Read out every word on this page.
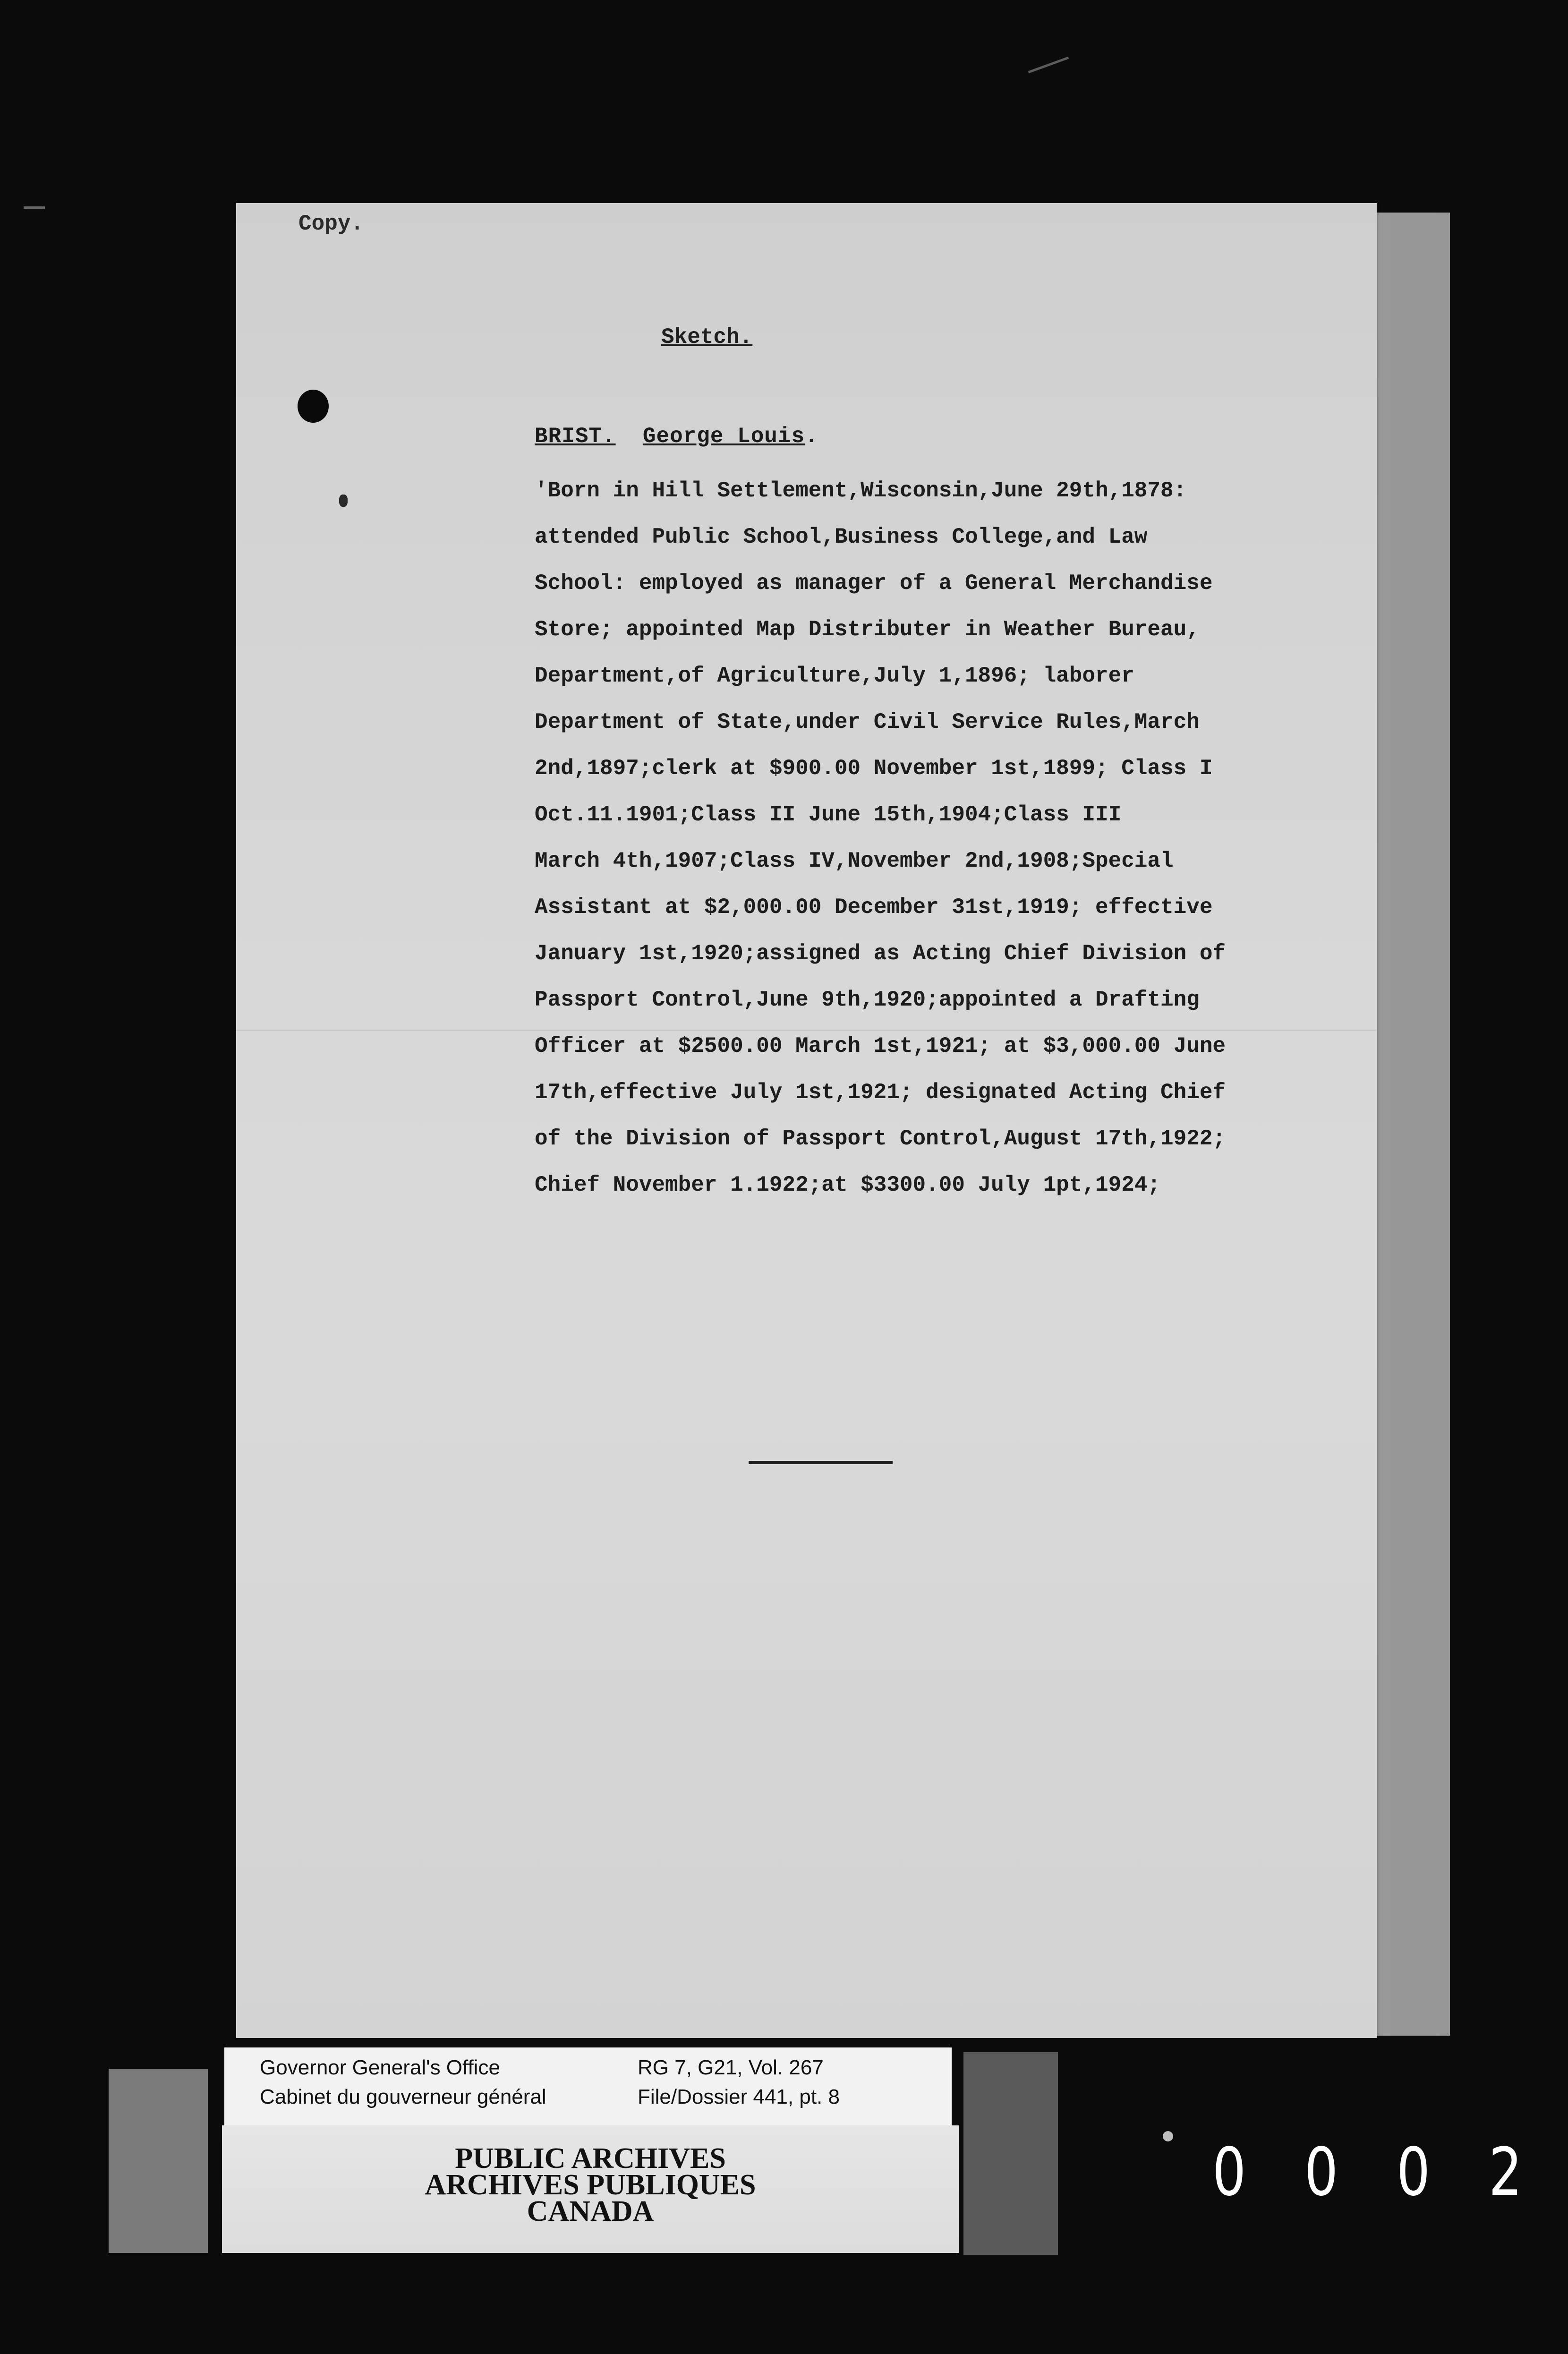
Copy.
Sketch.
BRIST. George Louis.
'Born in Hill Settlement,Wisconsin,June 29th,1878:
attended Public School,Business College,and Law
School: employed as manager of a General Merchandise
Store; appointed Map Distributer in Weather Bureau,
Department,of Agriculture,July 1,1896; laborer
Department of State,under Civil Service Rules,March
2nd,1897;clerk at $900.00 November 1st,1899; Class I
Oct.11.1901;Class II June 15th,1904;Class III
March 4th,1907;Class IV,November 2nd,1908;Special
Assistant at $2,000.00 December 31st,1919; effective
January 1st,1920;assigned as Acting Chief Division of
Passport Control,June 9th,1920;appointed a Drafting
Officer at $2500.00 March 1st,1921; at $3,000.00 June
17th,effective July 1st,1921; designated Acting Chief
of the Division of Passport Control,August 17th,1922;
Chief November 1.1922;at $3300.00 July 1pt,1924;
Governor General's Office
Cabinet du gouverneur général
RG 7, G21, Vol. 267
File/Dossier 441, pt. 8
PUBLIC ARCHIVES
ARCHIVES PUBLIQUES
CANADA
0 0 0 2
